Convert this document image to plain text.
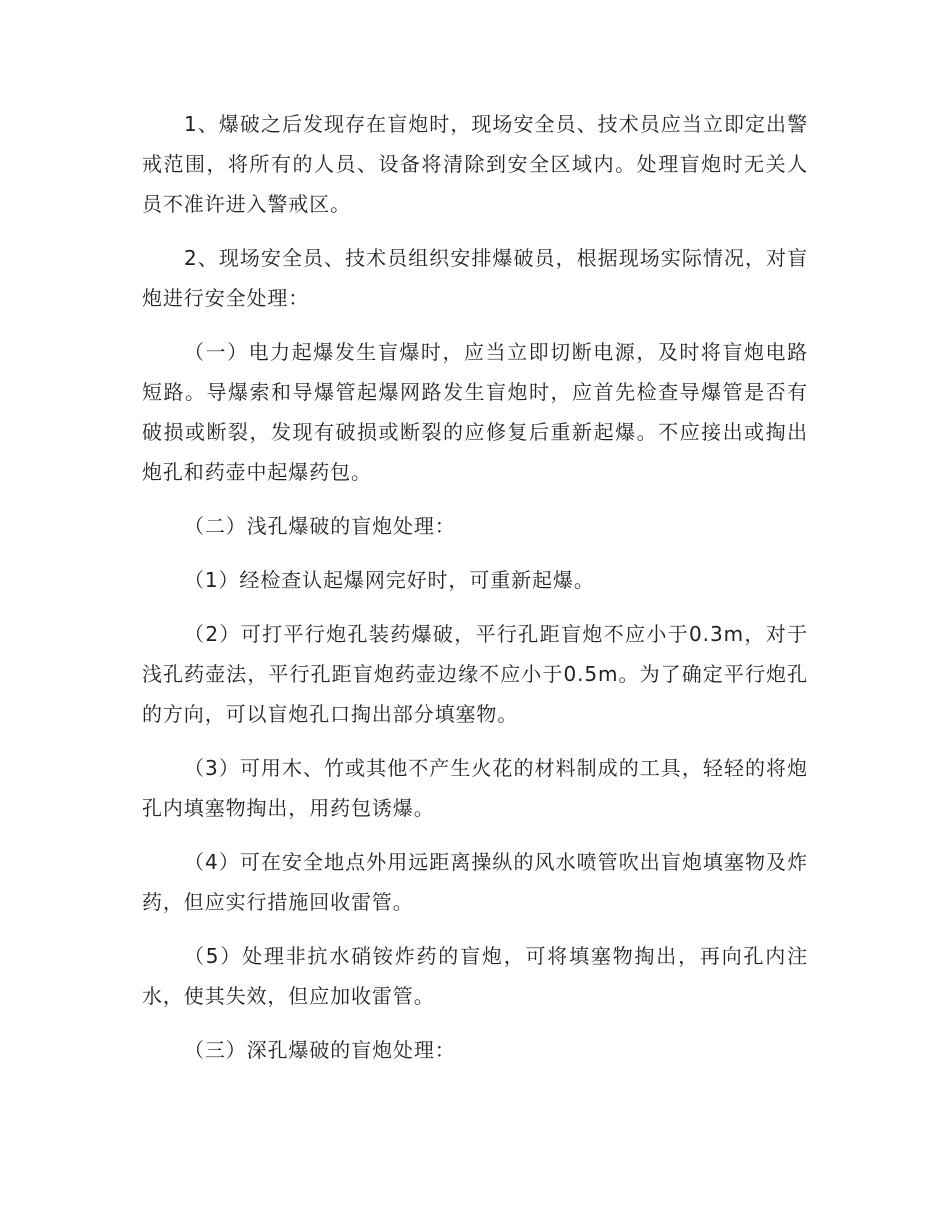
1、爆破之后发现存在盲炮时，现场安全员、技术员应当立即定出警戒范围，将所有的人员、设备将清除到安全区域内。处理盲炮时无关人员不准许进入警戒区。

2、现场安全员、技术员组织安排爆破员，根据现场实际情况，对盲炮进行安全处理：

（一）电力起爆发生盲爆时，应当立即切断电源，及时将盲炮电路短路。导爆索和导爆管起爆网路发生盲炮时，应首先检查导爆管是否有破损或断裂，发现有破损或断裂的应修复后重新起爆。不应接出或掏出炮孔和药壶中起爆药包。

（二）浅孔爆破的盲炮处理：

（1）经检查认起爆网完好时，可重新起爆。

（2）可打平行炮孔装药爆破，平行孔距盲炮不应小于0.3m，对于浅孔药壶法，平行孔距盲炮药壶边缘不应小于0.5m。为了确定平行炮孔的方向，可以盲炮孔口掏出部分填塞物。

（3）可用木、竹或其他不产生火花的材料制成的工具，轻轻的将炮孔内填塞物掏出，用药包诱爆。

（4）可在安全地点外用远距离操纵的风水喷管吹出盲炮填塞物及炸药，但应实行措施回收雷管。

（5）处理非抗水硝铵炸药的盲炮，可将填塞物掏出，再向孔内注水，使其失效，但应加收雷管。

（三）深孔爆破的盲炮处理：
